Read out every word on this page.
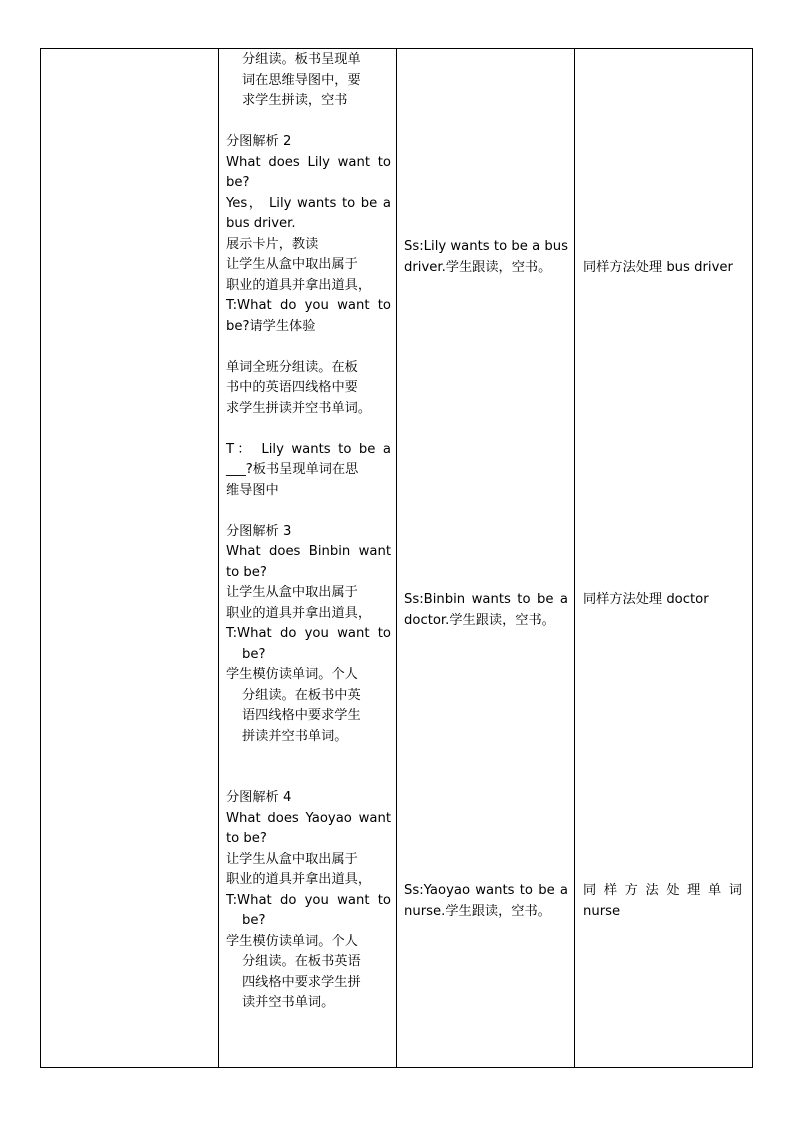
分组读。板书呈现单
词在思维导图中，要
求学生拼读，空书
分图解析 2
What does Lily want to
be?
Yes， Lily wants to be a
bus driver.
展示卡片，教读
让学生从盒中取出属于
职业的道具并拿出道具，
T:What do you want to
be?请学生体验
单词全班分组读。在板
书中的英语四线格中要
求学生拼读并空书单词。
T： Lily wants to be a
___?板书呈现单词在思
维导图中
分图解析 3
What does Binbin want
to be?
让学生从盒中取出属于
职业的道具并拿出道具，
T:What do you want to
be?
学生模仿读单词。个人
分组读。在板书中英
语四线格中要求学生
拼读并空书单词。
分图解析 4
What does Yaoyao want
to be?
让学生从盒中取出属于
职业的道具并拿出道具，
T:What do you want to
be?
学生模仿读单词。个人
分组读。在板书英语
四线格中要求学生拼
读并空书单词。
Ss:Lily wants to be a bus
driver.学生跟读，空书。
Ss:Binbin wants to be a
doctor.学生跟读，空书。
Ss:Yaoyao wants to be a
nurse.学生跟读，空书。
同样方法处理 bus driver
同样方法处理 doctor
同样方法处理单词
nurse
